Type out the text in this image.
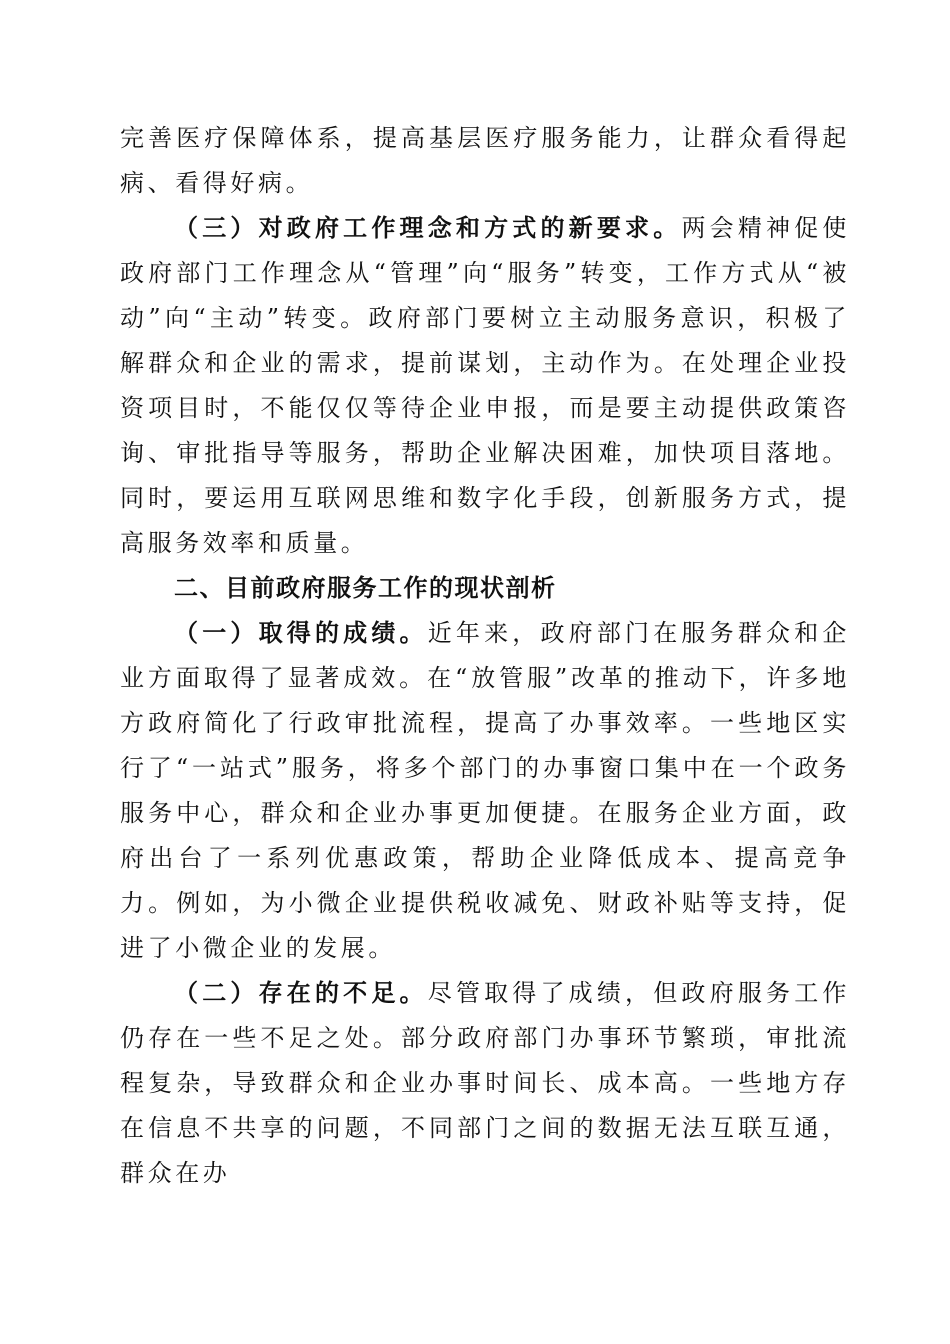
完善医疗保障体系，提高基层医疗服务能力，让群众看得起病、看得好病。

（三）对政府工作理念和方式的新要求。两会精神促使政府部门工作理念从“管理”向“服务”转变，工作方式从“被动”向“主动”转变。政府部门要树立主动服务意识，积极了解群众和企业的需求，提前谋划，主动作为。在处理企业投资项目时，不能仅仅等待企业申报，而是要主动提供政策咨询、审批指导等服务，帮助企业解决困难，加快项目落地。同时，要运用互联网思维和数字化手段，创新服务方式，提高服务效率和质量。

二、目前政府服务工作的现状剖析

（一）取得的成绩。近年来，政府部门在服务群众和企业方面取得了显著成效。在“放管服”改革的推动下，许多地方政府简化了行政审批流程，提高了办事效率。一些地区实行了“一站式”服务，将多个部门的办事窗口集中在一个政务服务中心，群众和企业办事更加便捷。在服务企业方面，政府出台了一系列优惠政策，帮助企业降低成本、提高竞争力。例如，为小微企业提供税收减免、财政补贴等支持，促进了小微企业的发展。

（二）存在的不足。尽管取得了成绩，但政府服务工作仍存在一些不足之处。部分政府部门办事环节繁琐，审批流程复杂，导致群众和企业办事时间长、成本高。一些地方存在信息不共享的问题，不同部门之间的数据无法互联互通，群众在办
